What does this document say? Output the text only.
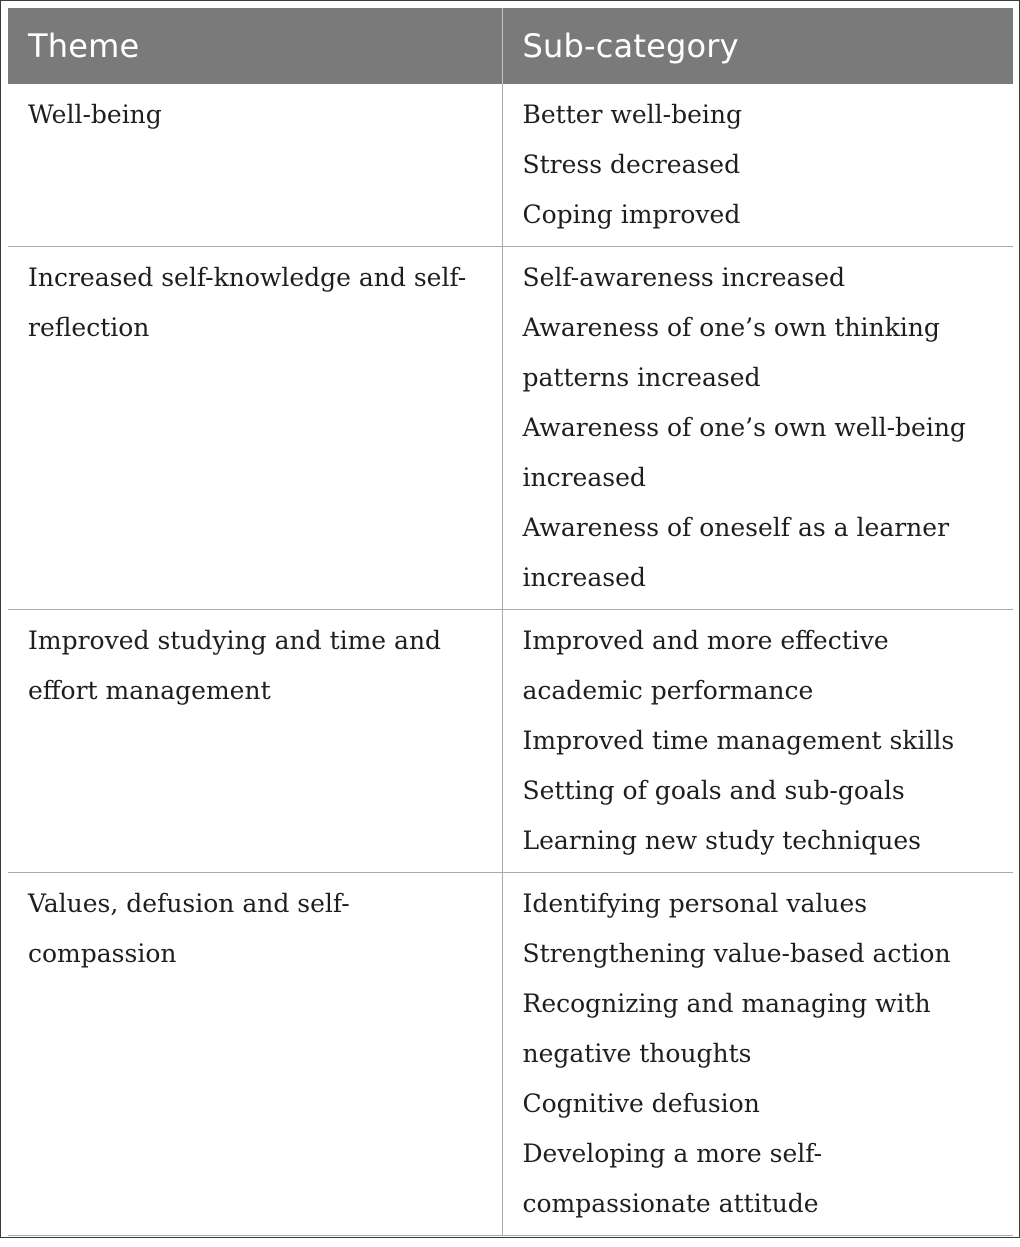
Theme	Sub-category
Well-being	Better well-being
Stress decreased
Coping improved

Increased self-knowledge and self-reflection	Self-awareness increased
Awareness of one’s own thinking patterns increased
Awareness of one’s own well-being increased
Awareness of oneself as a learner increased

Improved studying and time and effort management	Improved and more effective academic performance
Improved time management skills
Setting of goals and sub-goals
Learning new study techniques

Values, defusion and self-compassion	Identifying personal values
Strengthening value-based action
Recognizing and managing with negative thoughts
Cognitive defusion
Developing a more self-compassionate attitude
